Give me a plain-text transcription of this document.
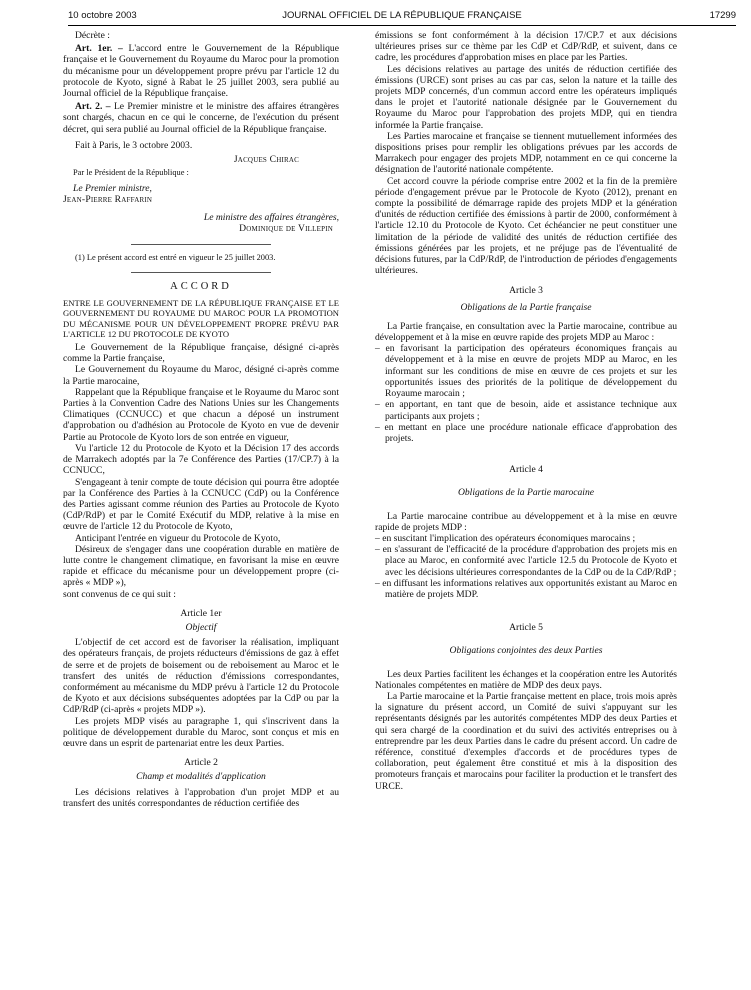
10 octobre 2003	JOURNAL OFFICIEL DE LA RÉPUBLIQUE FRANÇAISE	17299

Décrète :

Art. 1er. – L'accord entre le Gouvernement de la République française et le Gouvernement du Royaume du Maroc pour la promotion du mécanisme pour un développement propre prévu par l'article 12 du protocole de Kyoto, signé à Rabat le 25 juillet 2003, sera publié au Journal officiel de la République française.

Art. 2. – Le Premier ministre et le ministre des affaires étrangères sont chargés, chacun en ce qui le concerne, de l'exécution du présent décret, qui sera publié au Journal officiel de la République française.

Fait à Paris, le 3 octobre 2003.

Jacques Chirac

Par le Président de la République :

Le Premier ministre,

Jean-Pierre Raffarin

Le ministre des affaires étrangères,

Dominique de Villepin

(1) Le présent accord est entré en vigueur le 25 juillet 2003.

ACCORD

ENTRE LE GOUVERNEMENT DE LA RÉPUBLIQUE FRANÇAISE ET LE GOUVERNEMENT DU ROYAUME DU MAROC POUR LA PROMOTION DU MÉCANISME POUR UN DÉVELOPPEMENT PROPRE PRÉVU PAR L'ARTICLE 12 DU PROTOCOLE DE KYOTO

Le Gouvernement de la République française, désigné ci-après comme la Partie française,

Le Gouvernement du Royaume du Maroc, désigné ci-après comme la Partie marocaine,

Rappelant que la République française et le Royaume du Maroc sont Parties à la Convention Cadre des Nations Unies sur les Changements Climatiques (CCNUCC) et que chacun a déposé un instrument d'approbation ou d'adhésion au Protocole de Kyoto en vue de devenir Partie au Protocole de Kyoto lors de son entrée en vigueur,

Vu l'article 12 du Protocole de Kyoto et la Décision 17 des accords de Marrakech adoptés par la 7e Conférence des Parties (17/CP.7) à la CCNUCC,

S'engageant à tenir compte de toute décision qui pourra être adoptée par la Conférence des Parties à la CCNUCC (CdP) ou la Conférence des Parties agissant comme réunion des Parties au Protocole de Kyoto (CdP/RdP) et par le Comité Exécutif du MDP, relative à la mise en œuvre de l'article 12 du Protocole de Kyoto,

Anticipant l'entrée en vigueur du Protocole de Kyoto,

Désireux de s'engager dans une coopération durable en matière de lutte contre le changement climatique, en favorisant la mise en œuvre rapide et efficace du mécanisme pour un développement propre (ci-après « MDP »),

sont convenus de ce qui suit :

Article 1er

Objectif

L'objectif de cet accord est de favoriser la réalisation, impliquant des opérateurs français, de projets réducteurs d'émissions de gaz à effet de serre et de projets de boisement ou de reboisement au Maroc et le transfert des unités de réduction d'émissions correspondantes, conformément au mécanisme du MDP prévu à l'article 12 du Protocole de Kyoto et aux décisions subséquentes adoptées par la CdP ou par la CdP/RdP (ci-après « projets MDP »).

Les projets MDP visés au paragraphe 1, qui s'inscrivent dans la politique de développement durable du Maroc, sont conçus et mis en œuvre dans un esprit de partenariat entre les deux Parties.

Article 2

Champ et modalités d'application

Les décisions relatives à l'approbation d'un projet MDP et au transfert des unités correspondantes de réduction certifiée des

émissions se font conformément à la décision 17/CP.7 et aux décisions ultérieures prises sur ce thème par les CdP et CdP/RdP, et suivent, dans ce cadre, les procédures d'approbation mises en place par les Parties.

Les décisions relatives au partage des unités de réduction certifiée des émissions (URCE) sont prises au cas par cas, selon la nature et la taille des projets MDP concernés, d'un commun accord entre les opérateurs impliqués dans le projet et l'autorité nationale désignée par le Gouvernement du Royaume du Maroc pour l'approbation des projets MDP, qui en tiendra informée la Partie française.

Les Parties marocaine et française se tiennent mutuellement informées des dispositions prises pour remplir les obligations prévues par les accords de Marrakech pour engager des projets MDP, notamment en ce qui concerne la désignation de l'autorité nationale compétente.

Cet accord couvre la période comprise entre 2002 et la fin de la première période d'engagement prévue par le Protocole de Kyoto (2012), prenant en compte la possibilité de démarrage rapide des projets MDP et la génération d'unités de réduction certifiée des émissions à partir de 2000, conformément à l'article 12.10 du Protocole de Kyoto. Cet échéancier ne peut constituer une limitation de la période de validité des unités de réduction certifiée des émissions générées par les projets, et ne préjuge pas de l'éventualité de décisions futures, par la CdP/RdP, de l'introduction de périodes d'engagements ultérieures.

Article 3

Obligations de la Partie française

La Partie française, en consultation avec la Partie marocaine, contribue au développement et à la mise en œuvre rapide des projets MDP au Maroc :

– en favorisant la participation des opérateurs économiques français au développement et à la mise en œuvre de projets MDP au Maroc, en les informant sur les conditions de mise en œuvre de ces projets et sur les opportunités issues des priorités de la politique de développement du Royaume marocain ;

– en apportant, en tant que de besoin, aide et assistance technique aux participants aux projets ;

– en mettant en place une procédure nationale efficace d'approbation des projets.

Article 4

Obligations de la Partie marocaine

La Partie marocaine contribue au développement et à la mise en œuvre rapide de projets MDP :

– en suscitant l'implication des opérateurs économiques marocains ;

– en s'assurant de l'efficacité de la procédure d'approbation des projets mis en place au Maroc, en conformité avec l'article 12.5 du Protocole de Kyoto et avec les décisions ultérieures correspondantes de la CdP ou de la CdP/RdP ;

– en diffusant les informations relatives aux opportunités existant au Maroc en matière de projets MDP.

Article 5

Obligations conjointes des deux Parties

Les deux Parties facilitent les échanges et la coopération entre les Autorités Nationales compétentes en matière de MDP des deux pays.

La Partie marocaine et la Partie française mettent en place, trois mois après la signature du présent accord, un Comité de suivi s'appuyant sur les représentants désignés par les autorités compétentes MDP des deux Parties et qui sera chargé de la coordination et du suivi des activités entreprises ou à entreprendre par les deux Parties dans le cadre du présent accord. Un cadre de référence, constitué d'exemples d'accords et de procédures types de collaboration, peut également être constitué et mis à la disposition des promoteurs français et marocains pour faciliter la production et le transfert des URCE.
